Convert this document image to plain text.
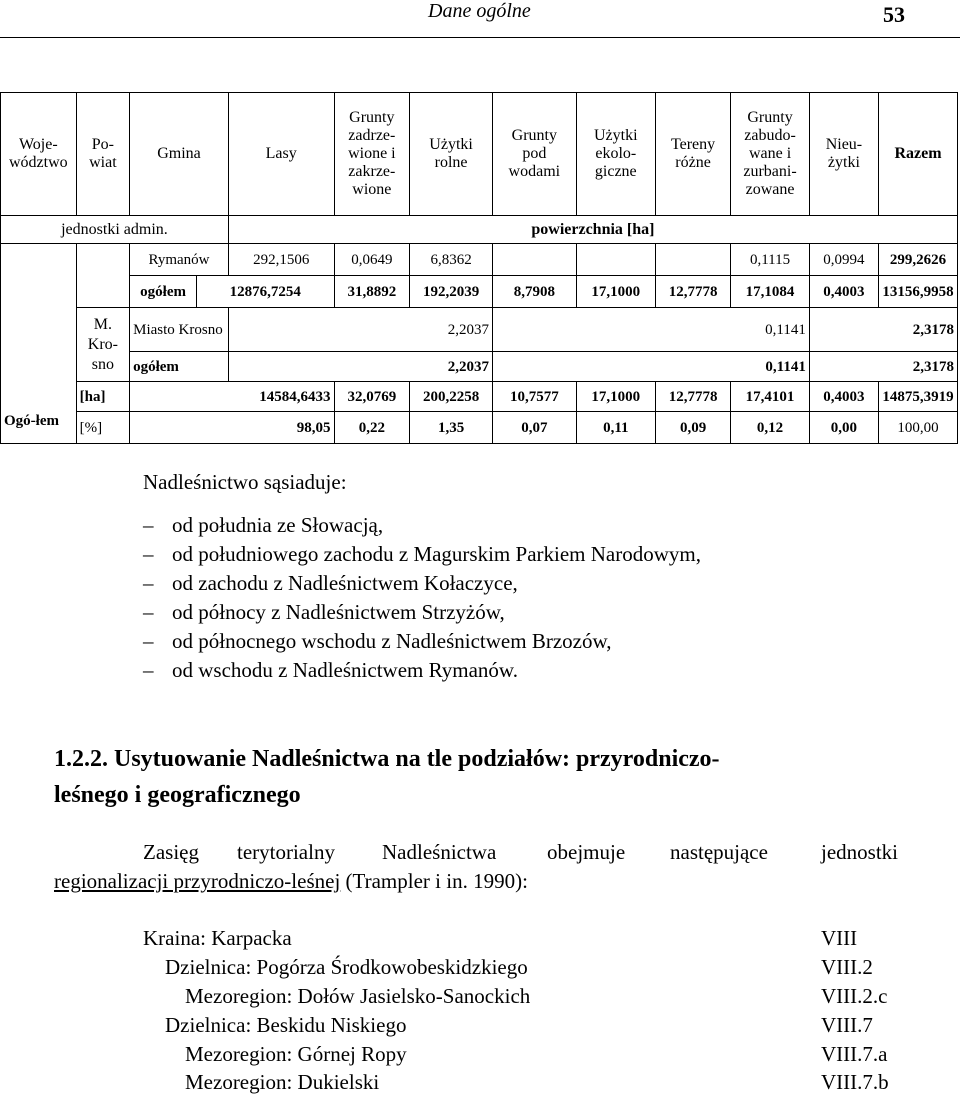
Dane ogólne	53
Woje-wództwo	Po-wiat	Gmina		Lasy	Grunty zadrze-wione i zakrze-wione	Użytki rolne	Grunty pod wodami	Użytki ekolo-giczne	Tereny różne	Grunty zabudo-wane i zurbani-zowane	Nieu-żytki	Razem
jednostki admin.				powierzchnia [ha]								
		Rymanów		292,1506	0,0649	6,8362				0,1115	0,0994	299,2626
		ogółem	12876,7254		31,8892	192,2039	8,7908	17,1000	12,7778	17,1084	0,4003	13156,9958
	M. Kro-sno	Miasto Krosno		2,2037			0,1141				2,3178	
		ogółem		2,2037			0,1141				2,3178	
	[ha]	14584,6433			32,0769	200,2258	10,7577	17,1000	12,7778	17,4101	0,4003	14875,3919
Ogó-łem	[%]	98,05			0,22	1,35	0,07	0,11	0,09	0,12	0,00	100,00
Nadleśnictwo sąsiaduje:
– od południa ze Słowacją,
– od południowego zachodu z Magurskim Parkiem Narodowym,
– od zachodu z Nadleśnictwem Kołaczyce,
– od północy z Nadleśnictwem Strzyżów,
– od północnego wschodu z Nadleśnictwem Brzozów,
– od wschodu z Nadleśnictwem Rymanów.
1.2.2. Usytuowanie Nadleśnictwa na tle podziałów: przyrodniczo-
leśnego i geograficznego
Zasięg terytorialny Nadleśnictwa obejmuje następujące	jednostki
regionalizacji przyrodniczo-leśnej (Trampler i in. 1990):
Kraina: Karpacka	VIII
Dzielnica: Pogórza Środkowobeskidzkiego	VIII.2
Mezoregion: Dołów Jasielsko-Sanockich	VIII.2.c
Dzielnica: Beskidu Niskiego	VIII.7
Mezoregion: Górnej Ropy	VIII.7.a
Mezoregion: Dukielski	VIII.7.b
